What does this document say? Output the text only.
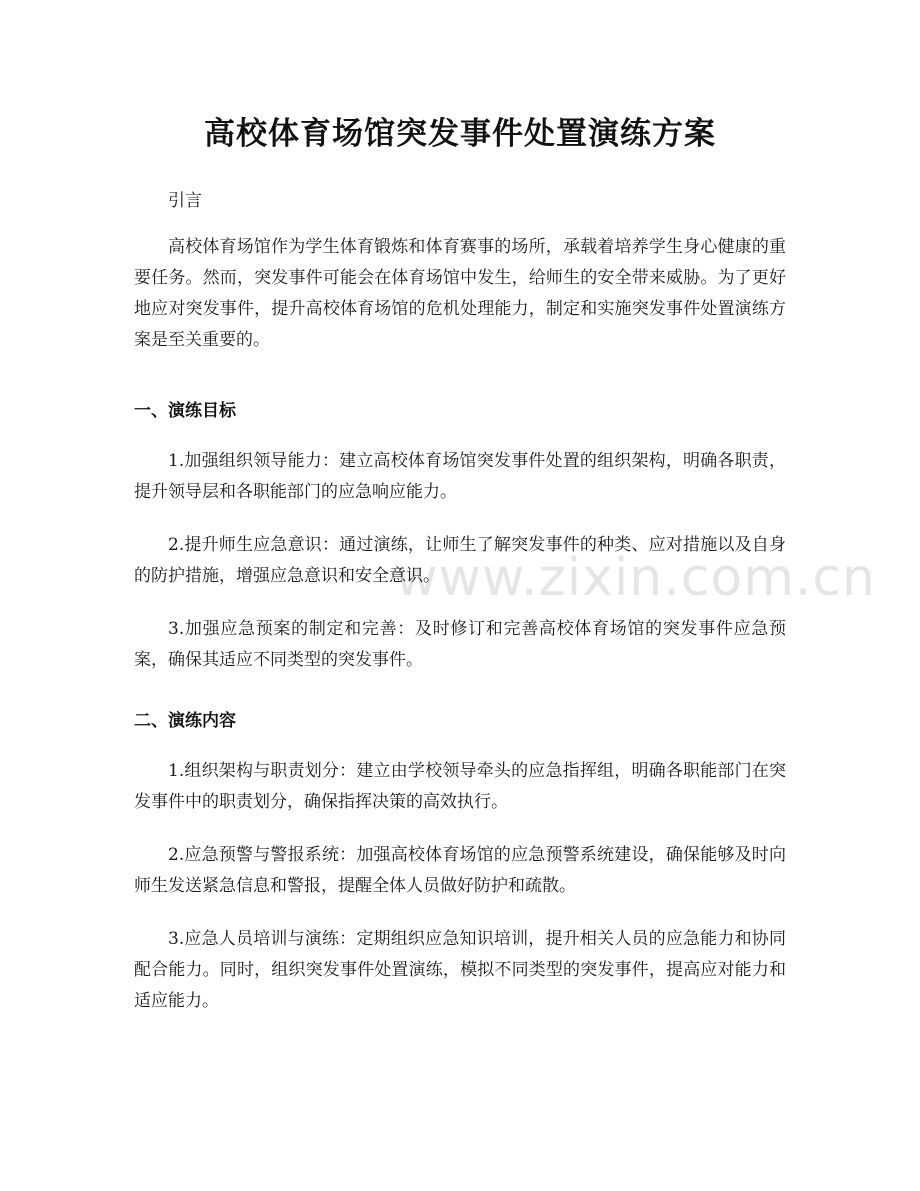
高校体育场馆突发事件处置演练方案

引言

高校体育场馆作为学生体育锻炼和体育赛事的场所，承载着培养学生身心健康的重要任务。然而，突发事件可能会在体育场馆中发生，给师生的安全带来威胁。为了更好地应对突发事件，提升高校体育场馆的危机处理能力，制定和实施突发事件处置演练方案是至关重要的。

一、演练目标

1.加强组织领导能力：建立高校体育场馆突发事件处置的组织架构，明确各职责，提升领导层和各职能部门的应急响应能力。

2.提升师生应急意识：通过演练，让师生了解突发事件的种类、应对措施以及自身的防护措施，增强应急意识和安全意识。

3.加强应急预案的制定和完善：及时修订和完善高校体育场馆的突发事件应急预案，确保其适应不同类型的突发事件。

二、演练内容

1.组织架构与职责划分：建立由学校领导牵头的应急指挥组，明确各职能部门在突发事件中的职责划分，确保指挥决策的高效执行。

2.应急预警与警报系统：加强高校体育场馆的应急预警系统建设，确保能够及时向师生发送紧急信息和警报，提醒全体人员做好防护和疏散。

3.应急人员培训与演练：定期组织应急知识培训，提升相关人员的应急能力和协同配合能力。同时，组织突发事件处置演练，模拟不同类型的突发事件，提高应对能力和适应能力。

www.zixin.com.cn
